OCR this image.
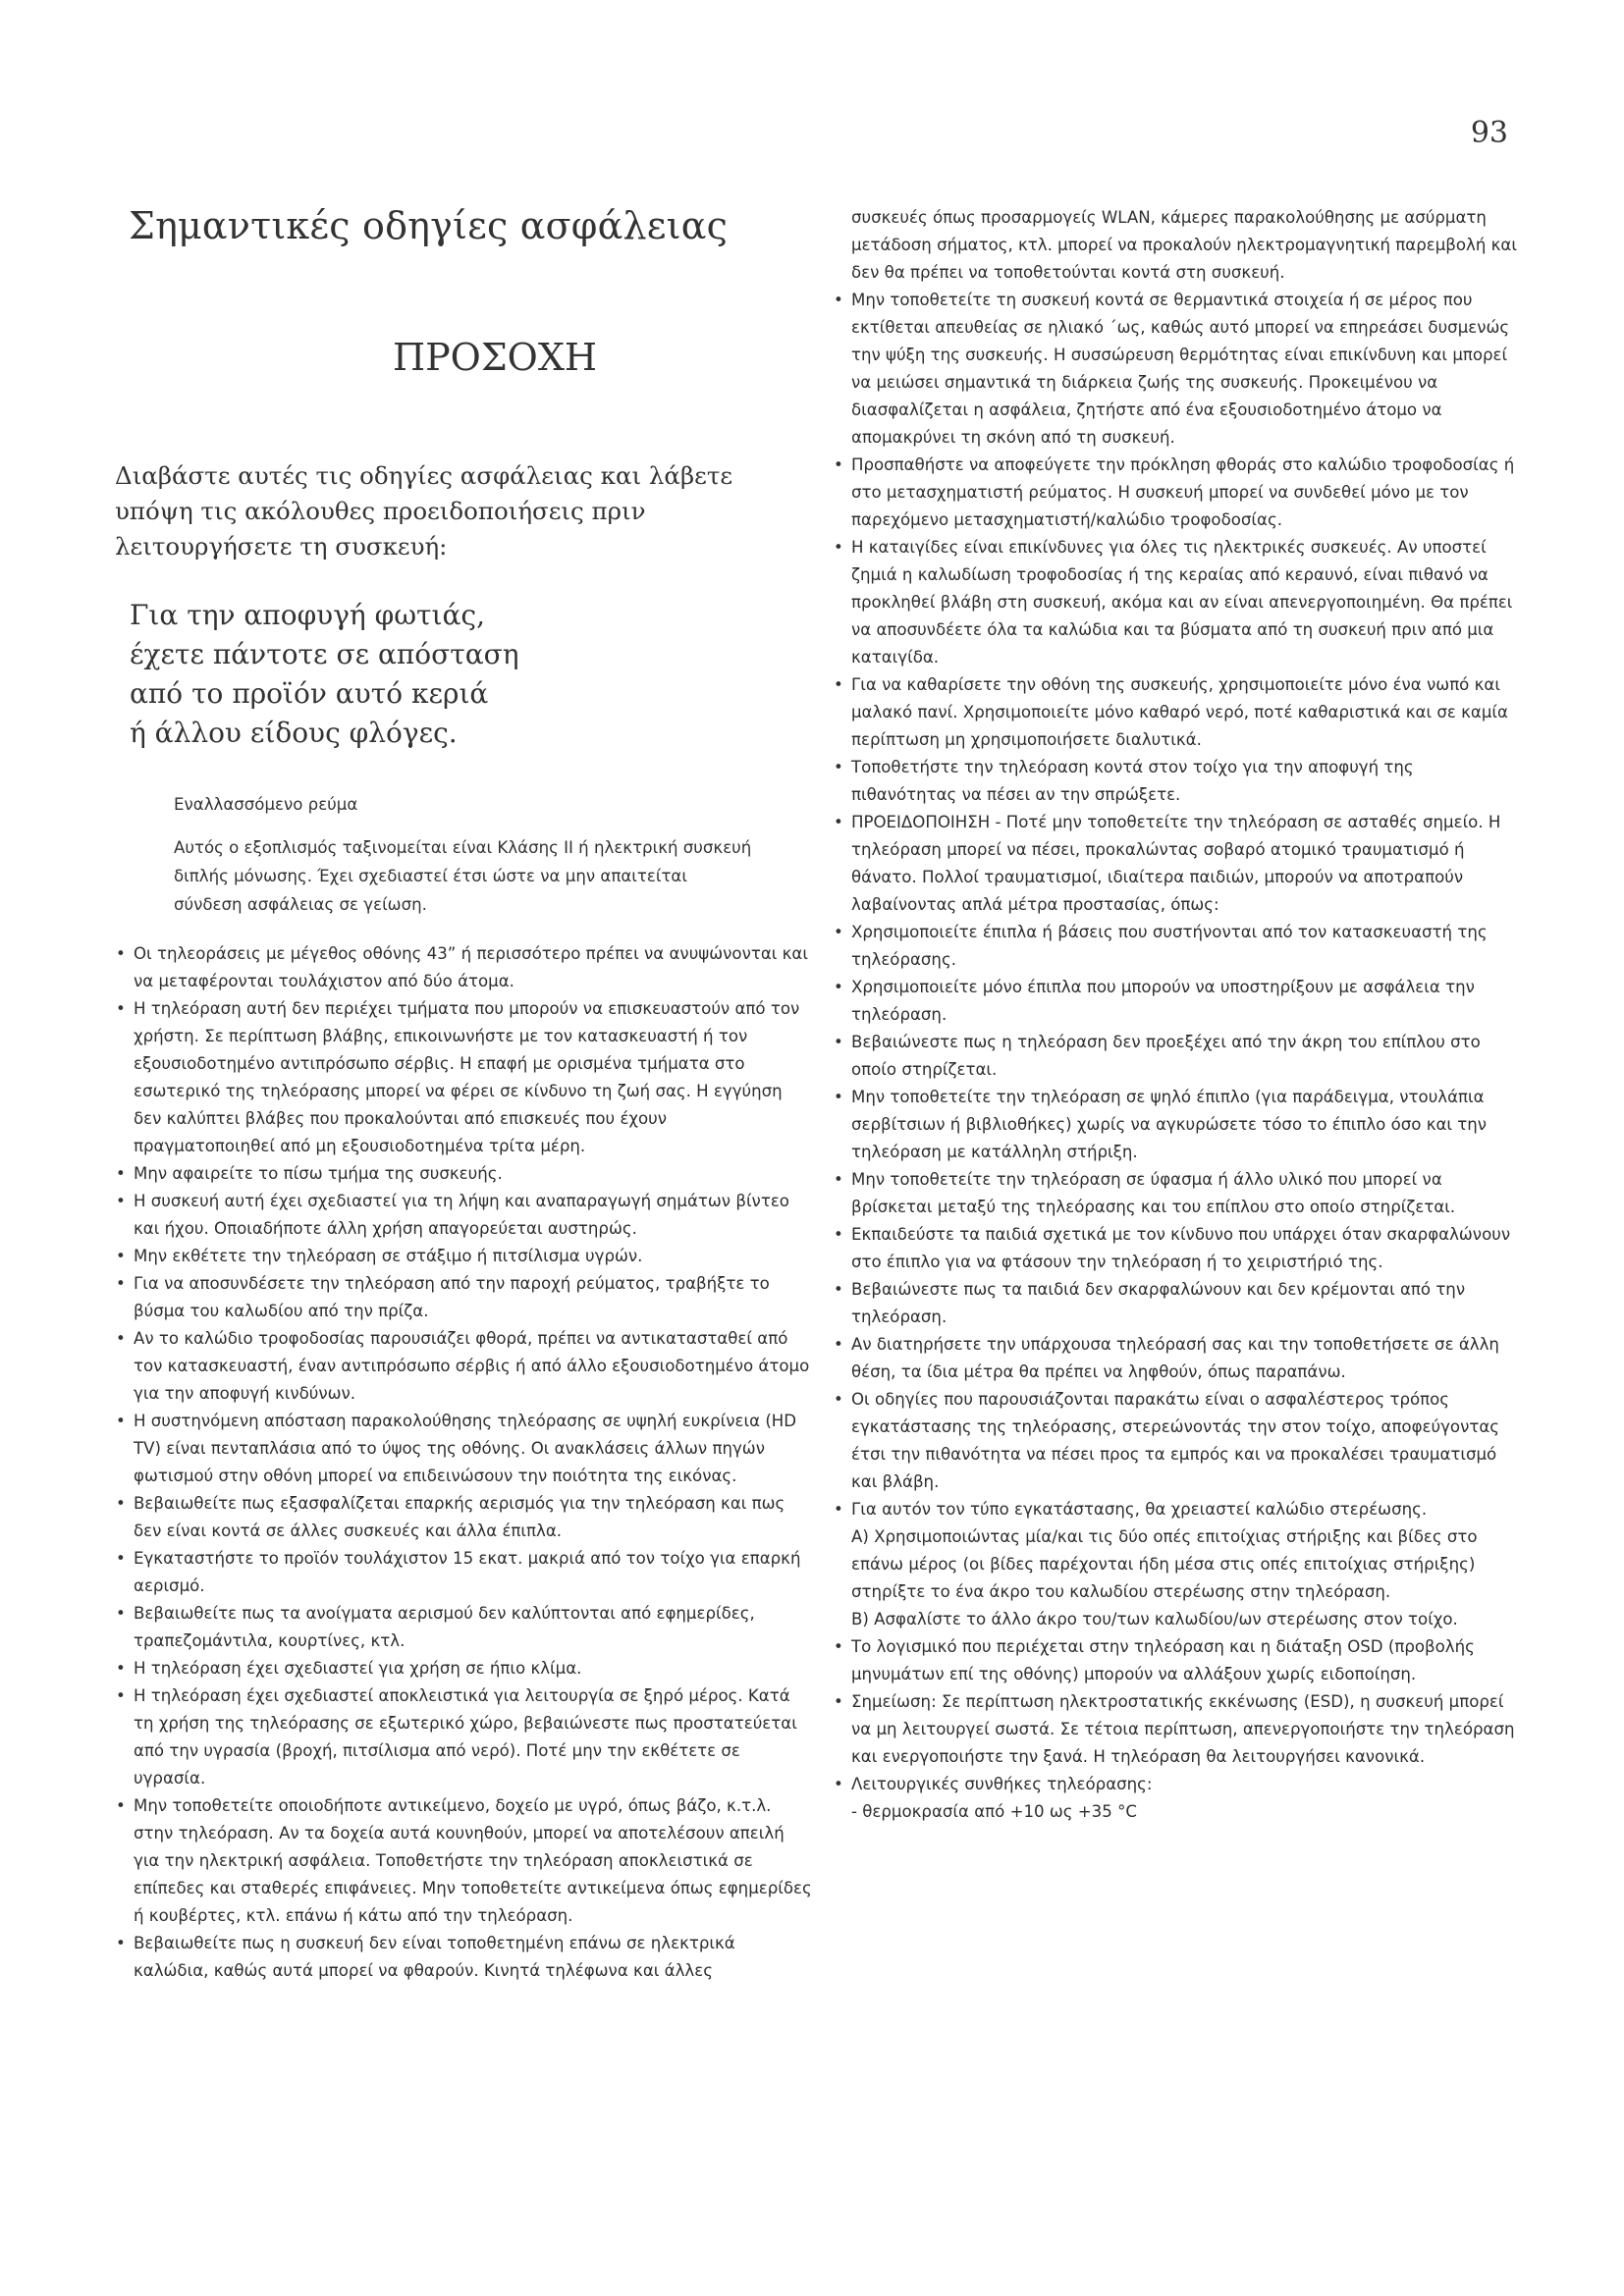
93
Σημαντικές οδηγίες ασφάλειας
ΠΡΟΣΟΧΗ

Διαβάστε αυτές τις οδηγίες ασφάλειας και λάβετε
υπόψη τις ακόλουθες προειδοποιήσεις πριν
λειτουργήσετε τη συσκευή:

Για την αποφυγή φωτιάς,
έχετε πάντοτε σε απόσταση
από το προϊόν αυτό κεριά
ή άλλου είδους φλόγες.

Εναλλασσόμενο ρεύμα

Αυτός ο εξοπλισμός ταξινομείται είναι Κλάσης II ή ηλεκτρική συσκευή διπλής μόνωσης. Έχει σχεδιαστεί έτσι ώστε να μην απαιτείται σύνδεση ασφάλειας σε γείωση.

• Οι τηλεοράσεις με μέγεθος οθόνης 43” ή περισσότερο πρέπει να ανυψώνονται και να μεταφέρονται τουλάχιστον από δύο άτομα.
• Η τηλεόραση αυτή δεν περιέχει τμήματα που μπορούν να επισκευαστούν από τον χρήστη. Σε περίπτωση βλάβης, επικοινωνήστε με τον κατασκευαστή ή τον εξουσιοδοτημένο αντιπρόσωπο σέρβις. Η επαφή με ορισμένα τμήματα στο εσωτερικό της τηλεόρασης μπορεί να φέρει σε κίνδυνο τη ζωή σας. Η εγγύηση δεν καλύπτει βλάβες που προκαλούνται από επισκευές που έχουν πραγματοποιηθεί από μη εξουσιοδοτημένα τρίτα μέρη.
• Μην αφαιρείτε το πίσω τμήμα της συσκευής.
• Η συσκευή αυτή έχει σχεδιαστεί για τη λήψη και αναπαραγωγή σημάτων βίντεο και ήχου. Οποιαδήποτε άλλη χρήση απαγορεύεται αυστηρώς.
• Μην εκθέτετε την τηλεόραση σε στάξιμο ή πιτσίλισμα υγρών.
• Για να αποσυνδέσετε την τηλεόραση από την παροχή ρεύματος, τραβήξτε το βύσμα του καλωδίου από την πρίζα.
• Αν το καλώδιο τροφοδοσίας παρουσιάζει φθορά, πρέπει να αντικατασταθεί από τον κατασκευαστή, έναν αντιπρόσωπο σέρβις ή από άλλο εξουσιοδοτημένο άτομο για την αποφυγή κινδύνων.
• Η συστηνόμενη απόσταση παρακολούθησης τηλεόρασης σε υψηλή ευκρίνεια (HD TV) είναι πενταπλάσια από το ύψος της οθόνης. Οι ανακλάσεις άλλων πηγών φωτισμού στην οθόνη μπορεί να επιδεινώσουν την ποιότητα της εικόνας.
• Βεβαιωθείτε πως εξασφαλίζεται επαρκής αερισμός για την τηλεόραση και πως δεν είναι κοντά σε άλλες συσκευές και άλλα έπιπλα.
• Εγκαταστήστε το προϊόν τουλάχιστον 15 εκατ. μακριά από τον τοίχο για επαρκή αερισμό.
• Βεβαιωθείτε πως τα ανοίγματα αερισμού δεν καλύπτονται από εφημερίδες, τραπεζομάντιλα, κουρτίνες, κτλ.
• Η τηλεόραση έχει σχεδιαστεί για χρήση σε ήπιο κλίμα.
• Η τηλεόραση έχει σχεδιαστεί αποκλειστικά για λειτουργία σε ξηρό μέρος. Κατά τη χρήση της τηλεόρασης σε εξωτερικό χώρο, βεβαιώνεστε πως προστατεύεται από την υγρασία (βροχή, πιτσίλισμα από νερό). Ποτέ μην την εκθέτετε σε υγρασία.
• Μην τοποθετείτε οποιοδήποτε αντικείμενο, δοχείο με υγρό, όπως βάζο, κ.τ.λ. στην τηλεόραση. Αν τα δοχεία αυτά κουνηθούν, μπορεί να αποτελέσουν απειλή για την ηλεκτρική ασφάλεια. Τοποθετήστε την τηλεόραση αποκλειστικά σε επίπεδες και σταθερές επιφάνειες. Μην τοποθετείτε αντικείμενα όπως εφημερίδες ή κουβέρτες, κτλ. επάνω ή κάτω από την τηλεόραση.
• Βεβαιωθείτε πως η συσκευή δεν είναι τοποθετημένη επάνω σε ηλεκτρικά καλώδια, καθώς αυτά μπορεί να φθαρούν. Κινητά τηλέφωνα και άλλες
συσκευές όπως προσαρμογείς WLAN, κάμερες παρακολούθησης με ασύρματη μετάδοση σήματος, κτλ. μπορεί να προκαλούν ηλεκτρομαγνητική παρεμβολή και δεν θα πρέπει να τοποθετούνται κοντά στη συσκευή.
• Μην τοποθετείτε τη συσκευή κοντά σε θερμαντικά στοιχεία ή σε μέρος που εκτίθεται απευθείας σε ηλιακό ΄ως, καθώς αυτό μπορεί να επηρεάσει δυσμενώς την ψύξη της συσκευής. Η συσσώρευση θερμότητας είναι επικίνδυνη και μπορεί να μειώσει σημαντικά τη διάρκεια ζωής της συσκευής. Προκειμένου να διασφαλίζεται η ασφάλεια, ζητήστε από ένα εξουσιοδοτημένο άτομο να απομακρύνει τη σκόνη από τη συσκευή.
• Προσπαθήστε να αποφεύγετε την πρόκληση φθοράς στο καλώδιο τροφοδοσίας ή στο μετασχηματιστή ρεύματος. Η συσκευή μπορεί να συνδεθεί μόνο με τον παρεχόμενο μετασχηματιστή/καλώδιο τροφοδοσίας.
• Η καταιγίδες είναι επικίνδυνες για όλες τις ηλεκτρικές συσκευές. Αν υποστεί ζημιά η καλωδίωση τροφοδοσίας ή της κεραίας από κεραυνό, είναι πιθανό να προκληθεί βλάβη στη συσκευή, ακόμα και αν είναι απενεργοποιημένη. Θα πρέπει να αποσυνδέετε όλα τα καλώδια και τα βύσματα από τη συσκευή πριν από μια καταιγίδα.
• Για να καθαρίσετε την οθόνη της συσκευής, χρησιμοποιείτε μόνο ένα νωπό και μαλακό πανί. Χρησιμοποιείτε μόνο καθαρό νερό, ποτέ καθαριστικά και σε καμία περίπτωση μη χρησιμοποιήσετε διαλυτικά.
• Τοποθετήστε την τηλεόραση κοντά στον τοίχο για την αποφυγή της πιθανότητας να πέσει αν την σπρώξετε.
• ΠΡΟΕΙΔΟΠΟΙΗΣΗ - Ποτέ μην τοποθετείτε την τηλεόραση σε ασταθές σημείο. Η τηλεόραση μπορεί να πέσει, προκαλώντας σοβαρό ατομικό τραυματισμό ή θάνατο. Πολλοί τραυματισμοί, ιδιαίτερα παιδιών, μπορούν να αποτραπούν λαβαίνοντας απλά μέτρα προστασίας, όπως:
• Χρησιμοποιείτε έπιπλα ή βάσεις που συστήνονται από τον κατασκευαστή της τηλεόρασης.
• Χρησιμοποιείτε μόνο έπιπλα που μπορούν να υποστηρίξουν με ασφάλεια την τηλεόραση.
• Βεβαιώνεστε πως η τηλεόραση δεν προεξέχει από την άκρη του επίπλου στο οποίο στηρίζεται.
• Μην τοποθετείτε την τηλεόραση σε ψηλό έπιπλο (για παράδειγμα, ντουλάπια σερβίτσιων ή βιβλιοθήκες) χωρίς να αγκυρώσετε τόσο το έπιπλο όσο και την τηλεόραση με κατάλληλη στήριξη.
• Μην τοποθετείτε την τηλεόραση σε ύφασμα ή άλλο υλικό που μπορεί να βρίσκεται μεταξύ της τηλεόρασης και του επίπλου στο οποίο στηρίζεται.
• Εκπαιδεύστε τα παιδιά σχετικά με τον κίνδυνο που υπάρχει όταν σκαρφαλώνουν στο έπιπλο για να φτάσουν την τηλεόραση ή το χειριστήριό της.
• Βεβαιώνεστε πως τα παιδιά δεν σκαρφαλώνουν και δεν κρέμονται από την τηλεόραση.
• Αν διατηρήσετε την υπάρχουσα τηλεόρασή σας και την τοποθετήσετε σε άλλη θέση, τα ίδια μέτρα θα πρέπει να ληφθούν, όπως παραπάνω.
• Οι οδηγίες που παρουσιάζονται παρακάτω είναι ο ασφαλέστερος τρόπος εγκατάστασης της τηλεόρασης, στερεώνοντάς την στον τοίχο, αποφεύγοντας έτσι την πιθανότητα να πέσει προς τα εμπρός και να προκαλέσει τραυματισμό και βλάβη.
• Για αυτόν τον τύπο εγκατάστασης, θα χρειαστεί καλώδιο στερέωσης.
Α) Χρησιμοποιώντας μία/και τις δύο οπές επιτοίχιας στήριξης και βίδες στο επάνω μέρος (οι βίδες παρέχονται ήδη μέσα στις οπές επιτοίχιας στήριξης) στηρίξτε το ένα άκρο του καλωδίου στερέωσης στην τηλεόραση.
Β) Ασφαλίστε το άλλο άκρο του/των καλωδίου/ων στερέωσης στον τοίχο.
• Το λογισμικό που περιέχεται στην τηλεόραση και η διάταξη OSD (προβολής μηνυμάτων επί της οθόνης) μπορούν να αλλάξουν χωρίς ειδοποίηση.
• Σημείωση: Σε περίπτωση ηλεκτροστατικής εκκένωσης (ESD), η συσκευή μπορεί να μη λειτουργεί σωστά. Σε τέτοια περίπτωση, απενεργοποιήστε την τηλεόραση και ενεργοποιήστε την ξανά. Η τηλεόραση θα λειτουργήσει κανονικά.
• Λειτουργικές συνθήκες τηλεόρασης:
- θερμοκρασία από +10 ως +35 °C
